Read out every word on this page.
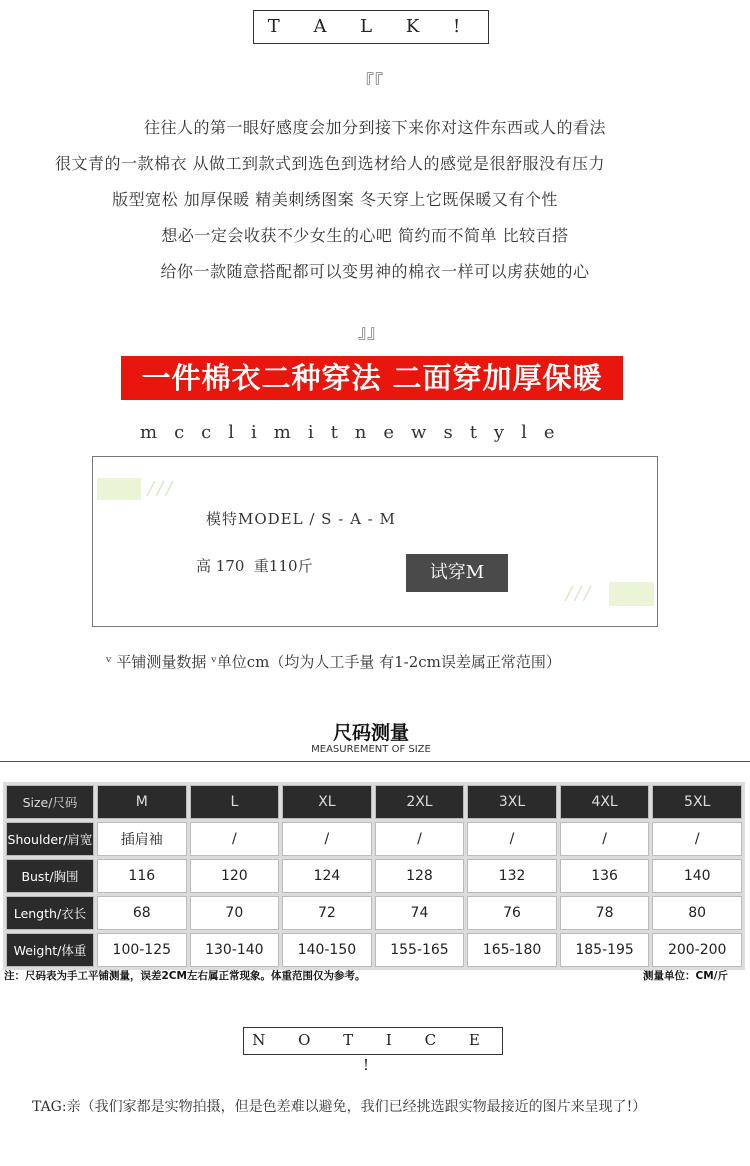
T A L K !
『『
往往人的第一眼好感度会加分到接下来你对这件东西或人的看法
很文青的一款棉衣 从做工到款式到选色到选材给人的感觉是很舒服没有压力
版型宽松 加厚保暖 精美刺绣图案 冬天穿上它既保暖又有个性
想必一定会收获不少女生的心吧 简约而不简单 比较百搭
给你一款随意搭配都可以变男神的棉衣一样可以虏获她的心
』』
一件棉衣二种穿法 二面穿加厚保暖
mcclimitnewstyle
///
模特MODEL / S - A - M
高 170  重110斤	试穿M
///
ᵛ 平铺测量数据 ᵛ单位cm（均为人工手量 有1-2cm误差属正常范围）
尺码测量
MEASUREMENT OF SIZE
Size/尺码	M	L	XL	2XL	3XL	4XL	5XL
Shoulder/肩宽	插肩袖	/	/	/	/	/	/
Bust/胸围	116	120	124	128	132	136	140
Length/衣长	68	70	72	74	76	78	80
Weight/体重	100-125	130-140	140-150	155-165	165-180	185-195	200-200
注：尺码表为手工平铺测量，误差2CM左右属正常现象。体重范围仅为参考。	测量单位：CM/斤
N O T I C E !
TAG:亲（我们家都是实物拍摄，但是色差难以避免，我们已经挑选跟实物最接近的图片来呈现了!）
